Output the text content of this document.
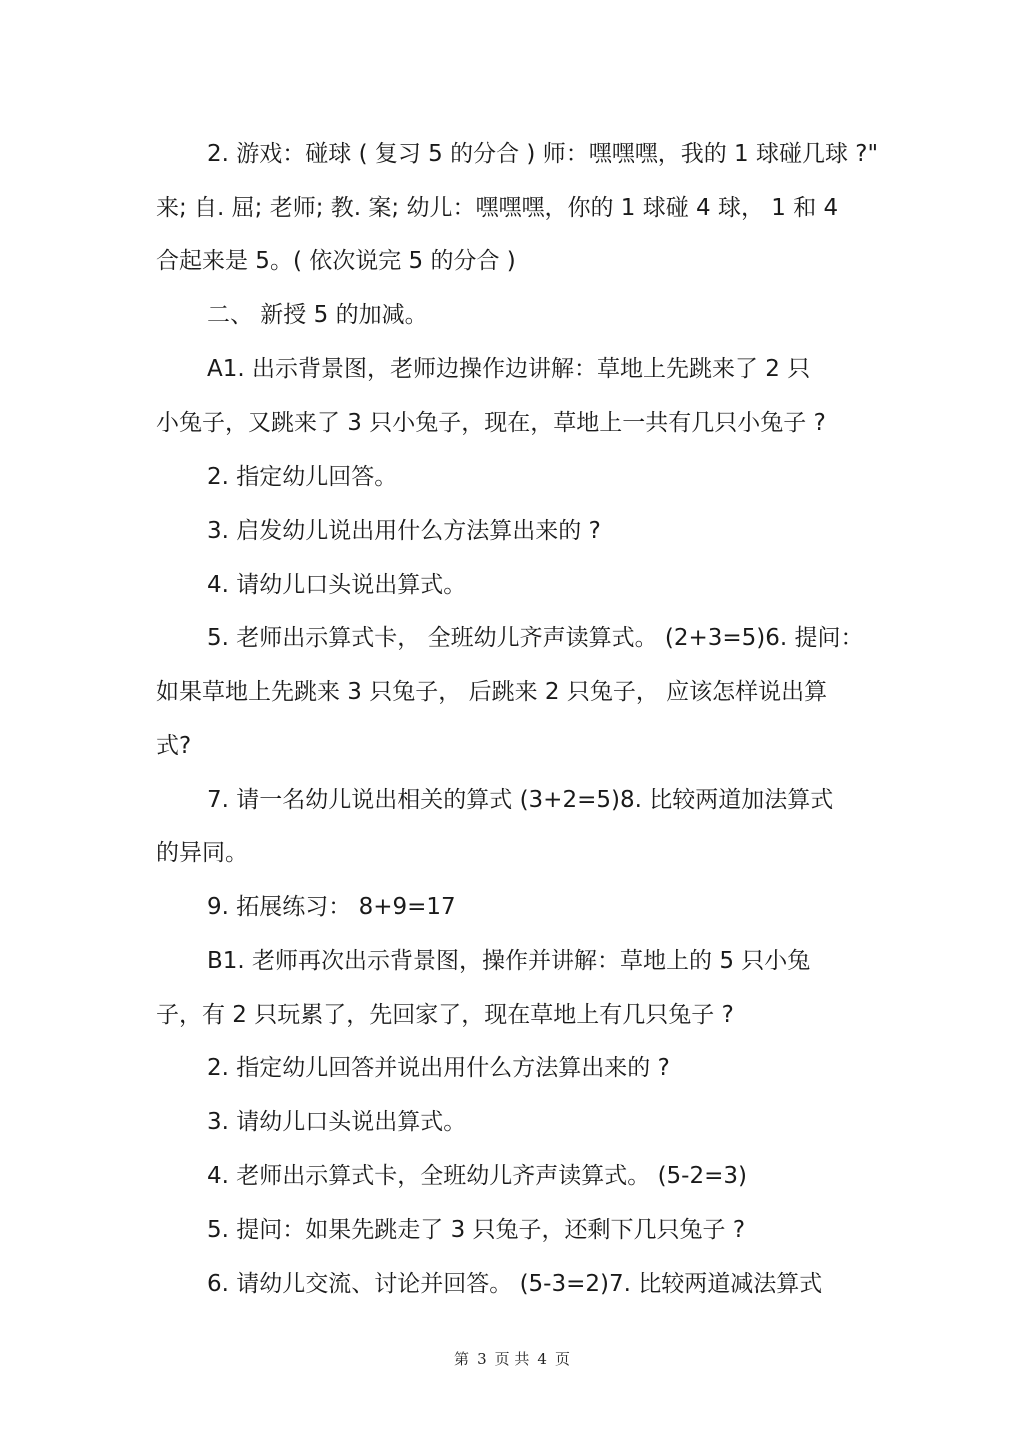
2. 游戏：碰球 ( 复习 5 的分合 ) 师：嘿嘿嘿，我的 1 球碰几球 ?"
来; 自. 屈; 老师; 教. 案; 幼儿：嘿嘿嘿，你的 1 球碰 4 球， 1 和 4
合起来是 5。( 依次说完 5 的分合 )
二、 新授 5 的加减。
A1. 出示背景图，老师边操作边讲解：草地上先跳来了 2 只
小兔子，又跳来了 3 只小兔子，现在，草地上一共有几只小兔子 ?
2. 指定幼儿回答。
3. 启发幼儿说出用什么方法算出来的 ?
4. 请幼儿口头说出算式。
5. 老师出示算式卡， 全班幼儿齐声读算式。 (2+3=5)6. 提问：
如果草地上先跳来 3 只兔子， 后跳来 2 只兔子， 应该怎样说出算
式?
7. 请一名幼儿说出相关的算式 (3+2=5)8. 比较两道加法算式
的异同。
9. 拓展练习： 8+9=17
B1. 老师再次出示背景图，操作并讲解：草地上的 5 只小兔
子，有 2 只玩累了，先回家了，现在草地上有几只兔子 ?
2. 指定幼儿回答并说出用什么方法算出来的 ?
3. 请幼儿口头说出算式。
4. 老师出示算式卡，全班幼儿齐声读算式。 (5-2=3)
5. 提问：如果先跳走了 3 只兔子，还剩下几只兔子 ?
6. 请幼儿交流、讨论并回答。 (5-3=2)7. 比较两道减法算式
第 3 页 共 4 页
